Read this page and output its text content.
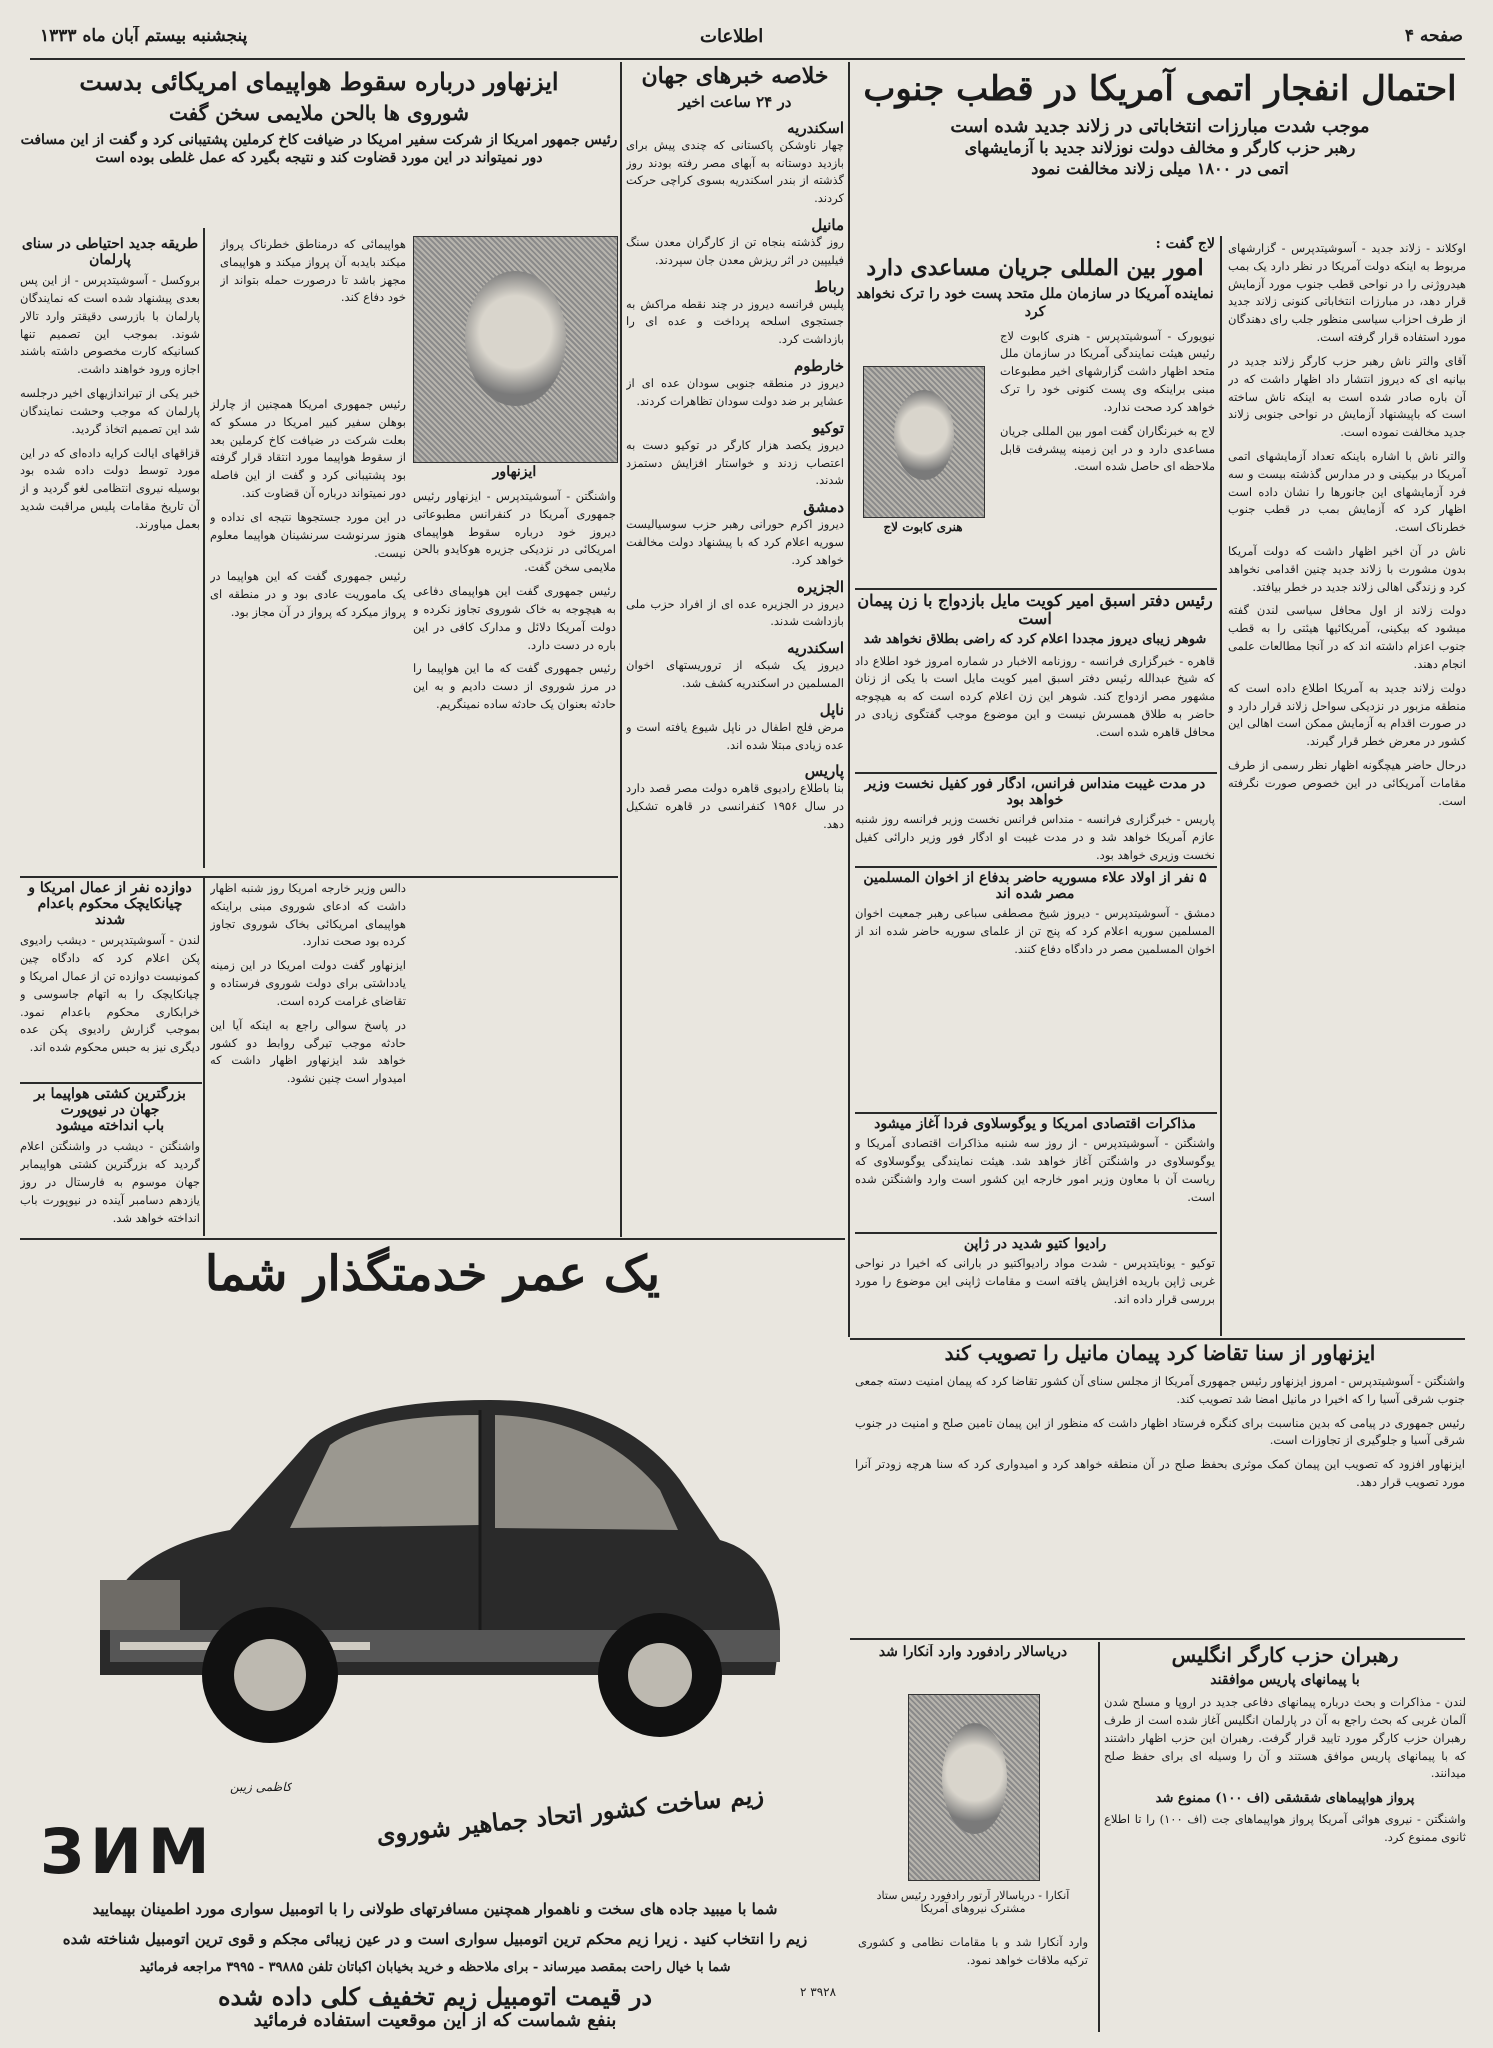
صفحه ۴
اطلاعات
پنجشنبه بیستم آبان ماه ۱۳۳۳
احتمال انفجار اتمی آمریکا در قطب جنوب
موجب شدت مبارزات انتخاباتی در زلاند جدید شده است
رهبر حزب کارگر و مخالف دولت نوزلاند جدید با آزمایشهای
اتمی در ۱۸۰۰ میلی زلاند مخالفت نمود

اوکلاند - زلاند جدید - آسوشیتدپرس - گزارشهای مربوط به اینکه دولت آمریکا در نظر دارد یک بمب هیدروژنی را در نواحی قطب جنوب مورد آزمایش قرار دهد، در مبارزات انتخاباتی کنونی زلاند جدید از طرف احزاب سیاسی منظور جلب رای دهندگان مورد استفاده قرار گرفته است.

آقای والتر ناش رهبر حزب کارگر زلاند جدید در بیانیه ای که دیروز انتشار داد اظهار داشت که در آن باره صادر شده است به اینکه ناش ساخته است که باپیشنهاد آزمایش در نواحی جنوبی زلاند جدید مخالفت نموده است.

والتر ناش با اشاره باینکه تعداد آزمایشهای اتمی آمریکا در بیکینی و در مدارس گذشته بیست و سه فرد آزمایشهای این جانورها را نشان داده است اظهار کرد که آزمایش بمب در قطب جنوب خطرناک است.

ناش در آن اخیر اظهار داشت که دولت آمریکا بدون مشورت با زلاند جدید چنین اقدامی نخواهد کرد و زندگی اهالی زلاند جدید در خطر بیافتد.

دولت زلاند از اول محافل سیاسی لندن گفته میشود که بیکینی، آمریکائیها هیئتی را به قطب جنوب اعزام داشته اند که در آنجا مطالعات علمی انجام دهند.

دولت زلاند جدید به آمریکا اطلاع داده است که منطقه مزبور در نزدیکی سواحل زلاند قرار دارد و در صورت اقدام به آزمایش ممکن است اهالی این کشور در معرض خطر قرار گیرند.

درحال حاضر هیچگونه اظهار نظر رسمی از طرف مقامات آمریکائی در این خصوص صورت نگرفته است.

لاج گفت :
امور بین المللی جریان مساعدی دارد
نماینده آمریکا در سازمان ملل متحد پست خود را ترک نخواهد کرد

نیویورک - آسوشیتدپرس - هنری کابوت لاج رئیس هیئت نمایندگی آمریکا در سازمان ملل متحد اظهار داشت گزارشهای اخیر مطبوعات مبنی براینکه وی پست کنونی خود را ترک خواهد کرد صحت ندارد.

لاج به خبرنگاران گفت امور بین المللی جریان مساعدی دارد و در این زمینه پیشرفت قابل ملاحظه ای حاصل شده است.

هنری کابوت لاج
رئیس دفتر اسبق امیر کویت مایل بازدواج با زن پیمان است
شوهر زیبای دیروز مجددا اعلام کرد که راضی بطلاق نخواهد شد
قاهره - خبرگزاری فرانسه - روزنامه الاخبار در شماره امروز خود اطلاع داد که شیخ عبدالله رئیس دفتر اسبق امیر کویت مایل است با یکی از زنان مشهور مصر ازدواج کند. شوهر این زن اعلام کرده است که به هیچوجه حاضر به طلاق همسرش نیست و این موضوع موجب گفتگوی زیادی در محافل قاهره شده است.
در مدت غیبت منداس فرانس، ادگار فور کفیل نخست وزیر خواهد بود
پاریس - خبرگزاری فرانسه - منداس فرانس نخست وزیر فرانسه روز شنبه عازم آمریکا خواهد شد و در مدت غیبت او ادگار فور وزیر دارائی کفیل نخست وزیری خواهد بود.
۵ نفر از اولاد علاء مسوریه حاضر بدفاع از اخوان المسلمین مصر شده اند
دمشق - آسوشیتدپرس - دیروز شیخ مصطفی سباعی رهبر جمعیت اخوان المسلمین سوریه اعلام کرد که پنج تن از علمای سوریه حاضر شده اند از اخوان المسلمین مصر در دادگاه دفاع کنند.
مذاکرات اقتصادی امریکا و یوگوسلاوی فردا آغاز میشود
واشنگتن - آسوشیتدپرس - از روز سه شنبه مذاکرات اقتصادی آمریکا و یوگوسلاوی در واشنگتن آغاز خواهد شد. هیئت نمایندگی یوگوسلاوی که ریاست آن با معاون وزیر امور خارجه این کشور است وارد واشنگتن شده است.
رادیوا کتیو شدید در ژاپن
توکیو - یونایتدپرس - شدت مواد رادیواکتیو در بارانی که اخیرا در نواحی غربی ژاپن باریده افزایش یافته است و مقامات ژاپنی این موضوع را مورد بررسی قرار داده اند.
ایزنهاور از سنا تقاضا کرد پیمان مانیل را تصویب کند

واشنگتن - آسوشیتدپرس - امروز ایزنهاور رئیس جمهوری آمریکا از مجلس سنای آن کشور تقاضا کرد که پیمان امنیت دسته جمعی جنوب شرقی آسیا را که اخیرا در مانیل امضا شد تصویب کند.

رئیس جمهوری در پیامی که بدین مناسبت برای کنگره فرستاد اظهار داشت که منظور از این پیمان تامین صلح و امنیت در جنوب شرقی آسیا و جلوگیری از تجاوزات است.

ایزنهاور افزود که تصویب این پیمان کمک موثری بحفظ صلح در آن منطقه خواهد کرد و امیدواری کرد که سنا هرچه زودتر آنرا مورد تصویب قرار دهد.

رهبران حزب کارگر انگلیس
با پیمانهای پاریس موافقند
لندن - مذاکرات و بحث درباره پیمانهای دفاعی جدید در اروپا و مسلح شدن آلمان غربی که بحث راجع به آن در پارلمان انگلیس آغاز شده است از طرف رهبران حزب کارگر مورد تایید قرار گرفت. رهبران این حزب اظهار داشتند که با پیمانهای پاریس موافق هستند و آن را وسیله ای برای حفظ صلح میدانند.
پرواز هواپیماهای شقشقی (اف ۱۰۰) ممنوع شد
واشنگتن - نیروی هوائی آمریکا پرواز هواپیماهای جت (اف ۱۰۰) را تا اطلاع ثانوی ممنوع کرد.
دریاسالار رادفورد وارد آنکارا شد
آنکارا - دریاسالار آرتور رادفورد رئیس ستاد مشترک نیروهای آمریکا
وارد آنکارا شد و با مقامات نظامی و کشوری ترکیه ملاقات خواهد نمود.
خلاصه خبرهای جهان
در ۲۴ ساعت اخیر
اسکندریه
چهار ناوشکن پاکستانی که چندی پیش برای بازدید دوستانه به آبهای مصر رفته بودند روز گذشته از بندر اسکندریه بسوی کراچی حرکت کردند.
مانیل
روز گذشته بنجاه تن از کارگران معدن سنگ فیلیپین در اثر ریزش معدن جان سپردند.
رباط
پلیس فرانسه دیروز در چند نقطه مراکش به جستجوی اسلحه پرداخت و عده ای را بازداشت کرد.
خارطوم
دیروز در منطقه جنوبی سودان عده ای از عشایر بر ضد دولت سودان تظاهرات کردند.
توکیو
دیروز یکصد هزار کارگر در توکیو دست به اعتصاب زدند و خواستار افزایش دستمزد شدند.
دمشق
دیروز اکرم حورانی رهبر حزب سوسیالیست سوریه اعلام کرد که با پیشنهاد دولت مخالفت خواهد کرد.
الجزیره
دیروز در الجزیره عده ای از افراد حزب ملی بازداشت شدند.
اسکندریه
دیروز یک شبکه از تروریستهای اخوان المسلمین در اسکندریه کشف شد.
ناپل
مرض فلج اطفال در ناپل شیوع یافته است و عده زیادی مبتلا شده اند.
پاریس
بنا باطلاع رادیوی قاهره دولت مصر قصد دارد در سال ۱۹۵۶ کنفرانسی در قاهره تشکیل دهد.
ایزنهاور درباره سقوط هواپیمای امریکائی بدست
شوروی ها بالحن ملایمی سخن گفت
رئیس جمهور امریکا از شرکت سفیر امریکا در ضیافت کاخ کرملین پشتیبانی کرد و گفت از این مسافت دور نمیتواند در این مورد قضاوت کند و نتیجه بگیرد که عمل غلطی بوده است

هواپیمائی که درمناطق خطرناک پرواز میکند بایدبه آن پرواز میکند و هواپیمای مجهز باشد تا درصورت حمله بتواند از خود دفاع کند.

ایزنهاور

رئیس جمهوری امریکا همچنین از چارلز بوهلن سفیر کبیر امریکا در مسکو که بعلت شرکت در ضیافت کاخ کرملین بعد از سقوط هواپیما مورد انتقاد قرار گرفته بود پشتیبانی کرد و گفت از این فاصله دور نمیتواند درباره آن قضاوت کند.

در این مورد جستجوها نتیجه ای نداده و هنوز سرنوشت سرنشینان هواپیما معلوم نیست.

رئیس جمهوری گفت که این هواپیما در یک ماموریت عادی بود و در منطقه ای پرواز میکرد که پرواز در آن مجاز بود.

واشنگتن - آسوشیتدپرس - ایزنهاور رئیس جمهوری آمریکا در کنفرانس مطبوعاتی دیروز خود درباره سقوط هواپیمای امریکائی در نزدیکی جزیره هوکایدو بالحن ملایمی سخن گفت.

رئیس جمهوری گفت این هواپیمای دفاعی به هیچوجه به خاک شوروی تجاوز نکرده و دولت آمریکا دلائل و مدارک کافی در این باره در دست دارد.

رئیس جمهوری گفت که ما این هواپیما را در مرز شوروی از دست دادیم و به این حادثه بعنوان یک حادثه ساده نمینگریم.

دالس وزیر خارجه امریکا روز شنبه اظهار داشت که ادعای شوروی مبنی براینکه هواپیمای امریکائی بخاک شوروی تجاوز کرده بود صحت ندارد.

ایزنهاور گفت دولت امریکا در این زمینه یادداشتی برای دولت شوروی فرستاده و تقاضای غرامت کرده است.

در پاسخ سوالی راجع به اینکه آیا این حادثه موجب تیرگی روابط دو کشور خواهد شد ایزنهاور اظهار داشت که امیدوار است چنین نشود.

طریقه جدید احتیاطی در سنای
پارلمان

بروکسل - آسوشیتدپرس - از این پس بعدی پیشنهاد شده است که نمایندگان پارلمان با بازرسی دقیقتر وارد تالار شوند. بموجب این تصمیم تنها کسانیکه کارت مخصوص داشته باشند اجازه ورود خواهند داشت.

خبر یکی از تیراندازیهای اخیر درجلسه پارلمان که موجب وحشت نمایندگان شد این تصمیم اتخاذ گردید.

قزاقهای ایالت کرایه داده‌ای که در این مورد توسط دولت داده شده بود بوسیله نیروی انتظامی لغو گردید و از آن تاریخ مقامات پلیس مراقبت شدید بعمل میاورند.

دوازده نفر از عمال امریکا و چیانکایچک محکوم باعدام شدند
لندن - آسوشیتدپرس - دیشب رادیوی پکن اعلام کرد که دادگاه چین کمونیست دوازده تن از عمال امریکا و چیانکایچک را به اتهام جاسوسی و خرابکاری محکوم باعدام نمود. بموجب گزارش رادیوی پکن عده دیگری نیز به حبس محکوم شده اند.
بزرگترین کشتی هواپیما بر جهان در نیوپورت
باب انداخته میشود
واشنگتن - دیشب در واشنگتن اعلام گردید که بزرگترین کشتی هواپیمابر جهان موسوم به فارستال در روز یازدهم دسامبر آینده در نیوپورت باب انداخته خواهد شد.
یک عمر خدمتگذار شما
کاظمی زیبن
ЗИМ
زیم ساخت کشور اتحاد جماهیر شوروی
شما با میبید جاده های سخت و ناهموار همچنین مسافرتهای طولانی را با اتومبیل سواری مورد اطمینان بپیمایید
زیم را انتخاب کنید . زیرا زیم محکم ترین اتومبیل سواری است و در عین زیبائی مجکم و قوی ترین اتومبیل شناخته شده
شما با خیال راحت بمقصد میرساند - برای ملاحظه و خرید بخیابان اکباتان تلفن ۳۹۸۸۵ - ۳۹۹۵ مراجعه فرمائید
در قیمت اتومبیل زیم تخفیف کلی داده شده
بنفع شماست که از این موقعیت استفاده فرمائید
۳۹۲۸ ۲
